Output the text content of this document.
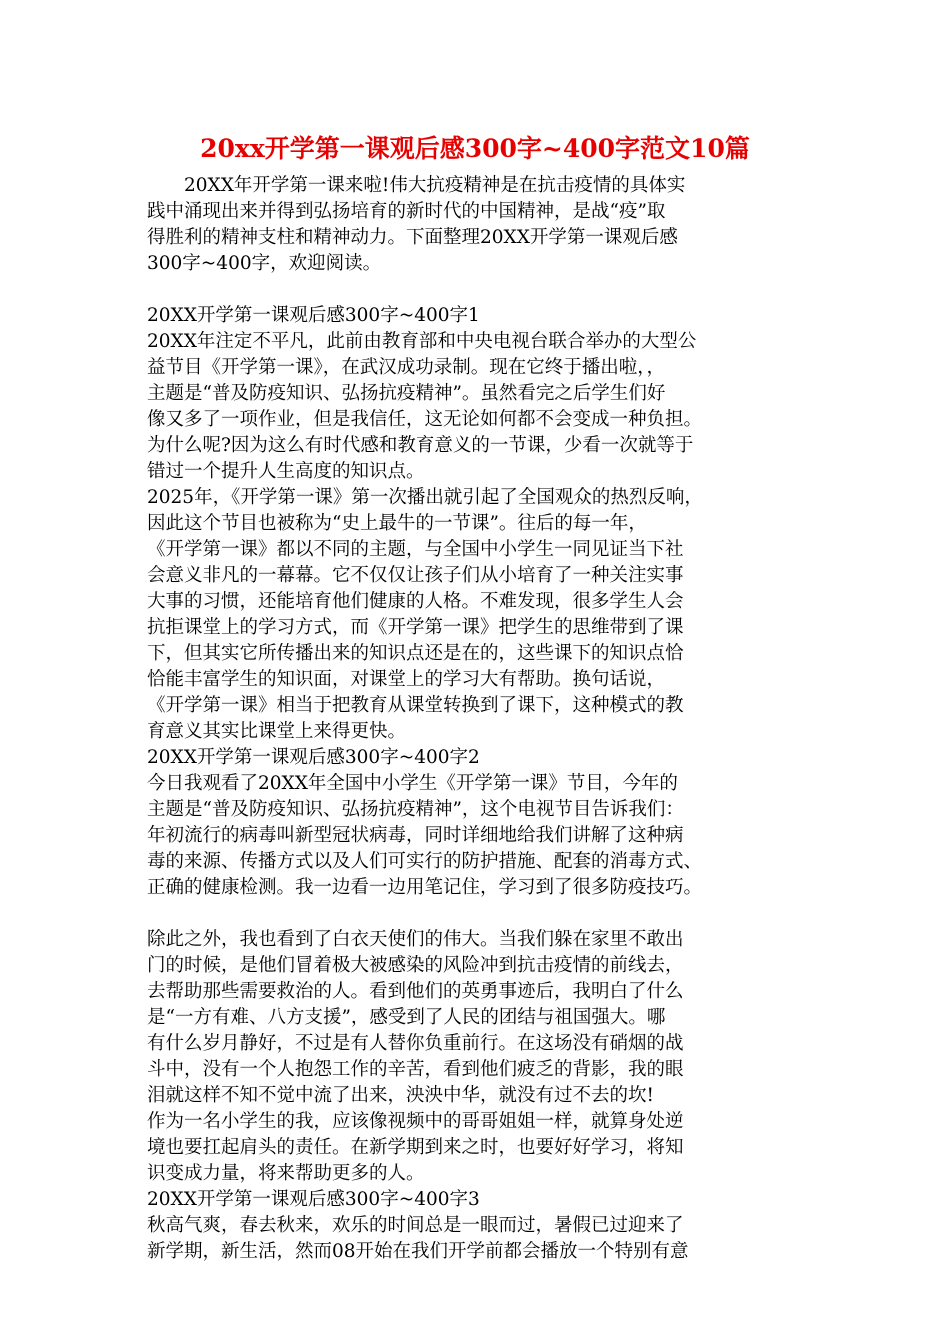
20xx开学第一课观后感300字~400字范文10篇

　　20XX年开学第一课来啦!伟大抗疫精神是在抗击疫情的具体实

践中涌现出来并得到弘扬培育的新时代的中国精神，是战“疫”取

得胜利的精神支柱和精神动力。下面整理20XX开学第一课观后感

300字~400字，欢迎阅读。

20XX开学第一课观后感300字~400字1

20XX年注定不平凡，此前由教育部和中央电视台联合举办的大型公

益节目《开学第一课》，在武汉成功录制。现在它终于播出啦，，

主题是“普及防疫知识、弘扬抗疫精神”。虽然看完之后学生们好

像又多了一项作业，但是我信任，这无论如何都不会变成一种负担。

为什么呢?因为这么有时代感和教育意义的一节课，少看一次就等于

错过一个提升人生高度的知识点。

2025年，《开学第一课》第一次播出就引起了全国观众的热烈反响，

因此这个节目也被称为“史上最牛的一节课”。往后的每一年，

《开学第一课》都以不同的主题，与全国中小学生一同见证当下社

会意义非凡的一幕幕。它不仅仅让孩子们从小培育了一种关注实事

大事的习惯，还能培育他们健康的人格。不难发现，很多学生人会

抗拒课堂上的学习方式，而《开学第一课》把学生的思维带到了课

下，但其实它所传播出来的知识点还是在的，这些课下的知识点恰

恰能丰富学生的知识面，对课堂上的学习大有帮助。换句话说，

《开学第一课》相当于把教育从课堂转换到了课下，这种模式的教

育意义其实比课堂上来得更快。

20XX开学第一课观后感300字~400字2

今日我观看了20XX年全国中小学生《开学第一课》节目，今年的

主题是“普及防疫知识、弘扬抗疫精神”，这个电视节目告诉我们：

年初流行的病毒叫新型冠状病毒，同时详细地给我们讲解了这种病

毒的来源、传播方式以及人们可实行的防护措施、配套的消毒方式、

正确的健康检测。我一边看一边用笔记住，学习到了很多防疫技巧。

除此之外，我也看到了白衣天使们的伟大。当我们躲在家里不敢出

门的时候，是他们冒着极大被感染的风险冲到抗击疫情的前线去，

去帮助那些需要救治的人。看到他们的英勇事迹后，我明白了什么

是“一方有难、八方支援”，感受到了人民的团结与祖国强大。哪

有什么岁月静好，不过是有人替你负重前行。在这场没有硝烟的战

斗中，没有一个人抱怨工作的辛苦，看到他们疲乏的背影，我的眼

泪就这样不知不觉中流了出来，泱泱中华，就没有过不去的坎!

作为一名小学生的我，应该像视频中的哥哥姐姐一样，就算身处逆

境也要扛起肩头的责任。在新学期到来之时，也要好好学习，将知

识变成力量，将来帮助更多的人。

20XX开学第一课观后感300字~400字3

秋高气爽，春去秋来，欢乐的时间总是一眼而过，暑假已过迎来了

新学期，新生活，然而08开始在我们开学前都会播放一个特别有意
